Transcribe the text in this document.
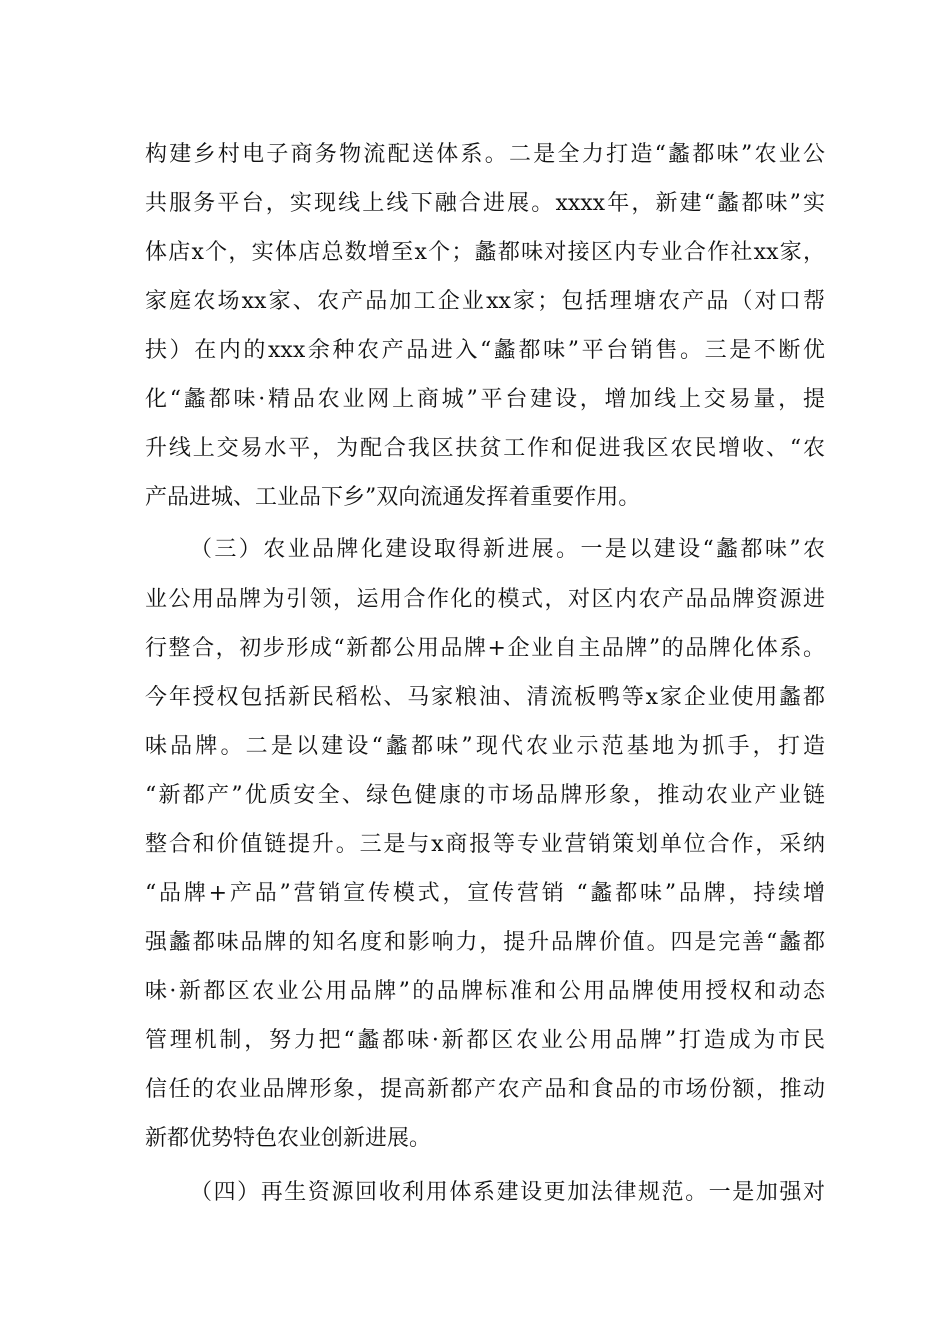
构建乡村电子商务物流配送体系。二是全力打造“蠡都味”农业公
共服务平台，实现线上线下融合进展。xxxx年，新建“蠡都味”实
体店x个，实体店总数增至x个；蠡都味对接区内专业合作社xx家，
家庭农场xx家、农产品加工企业xx家；包括理塘农产品（对口帮
扶）在内的xxx余种农产品进入“蠡都味”平台销售。三是不断优
化“蠡都味·精品农业网上商城”平台建设，增加线上交易量，提
升线上交易水平，为配合我区扶贫工作和促进我区农民增收、“农
产品进城、工业品下乡”双向流通发挥着重要作用。
（三）农业品牌化建设取得新进展。一是以建设“蠡都味”农
业公用品牌为引领，运用合作化的模式，对区内农产品品牌资源进
行整合，初步形成“新都公用品牌+企业自主品牌”的品牌化体系。
今年授权包括新民稻松、马家粮油、清流板鸭等x家企业使用蠡都
味品牌。二是以建设“蠡都味”现代农业示范基地为抓手，打造
“新都产”优质安全、绿色健康的市场品牌形象，推动农业产业链
整合和价值链提升。三是与x商报等专业营销策划单位合作，采纳
“品牌+产品”营销宣传模式，宣传营销 “蠡都味”品牌，持续增
强蠡都味品牌的知名度和影响力，提升品牌价值。四是完善“蠡都
味·新都区农业公用品牌”的品牌标准和公用品牌使用授权和动态
管理机制，努力把“蠡都味·新都区农业公用品牌”打造成为市民
信任的农业品牌形象，提高新都产农产品和食品的市场份额，推动
新都优势特色农业创新进展。
（四）再生资源回收利用体系建设更加法律规范。一是加强对
